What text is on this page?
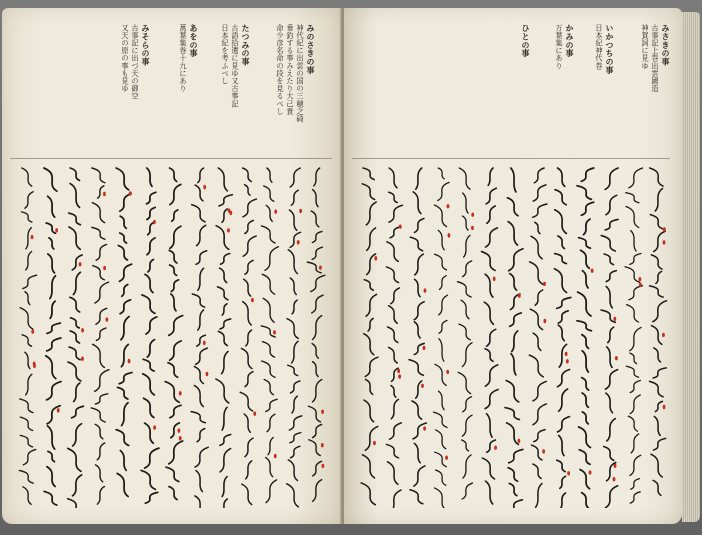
みのさきの事
神代紀に出雲の国の三穂之碕
垂釣する事みえたり大己貴
命少彦名命の段を見るべし
たつみの事
古語拾遺に見ゆ又古事記
日本紀を考ふべし
あをの事
萬葉集巻十九にあり
みそらの事
古事記に出づ天の御空
又天の原の事も見ゆ	みさきの事
古事記上巻出雲國造
神賀詞に見ゆ
いかつちの事
日本紀神代巻
かみの事
万葉集にあり
ひとの事
